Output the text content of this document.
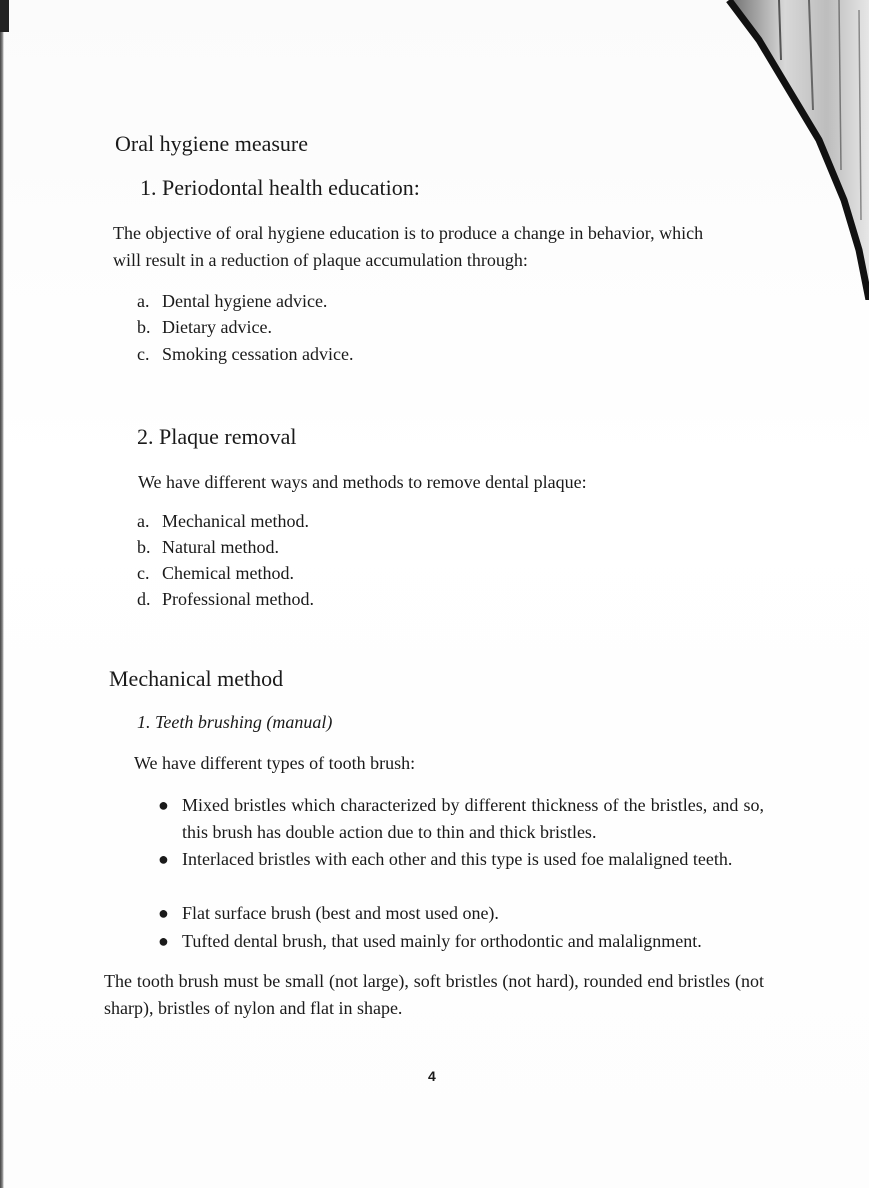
Oral hygiene measure
1. Periodontal health education:

The objective of oral hygiene education is to produce a change in behavior, which

will result in a reduction of plaque accumulation through:

a. Dental hygiene advice.
b. Dietary advice.
c. Smoking cessation advice.
2. Plaque removal

We have different ways and methods to remove dental plaque:

a. Mechanical method.
b. Natural method.
c. Chemical method.
d. Professional method.
Mechanical method
1. Teeth brushing (manual)

We have different types of tooth brush:

● Mixed bristles which characterized by different thickness of the bristles, and so, this brush has double action due to thin and thick bristles.
● Interlaced bristles with each other and this type is used foe malaligned teeth.
● Flat surface brush (best and most used one).
● Tufted dental brush, that used mainly for orthodontic and malalignment.

The tooth brush must be small (not large), soft bristles (not hard), rounded end bristles (not sharp), bristles of nylon and flat in shape.

4
